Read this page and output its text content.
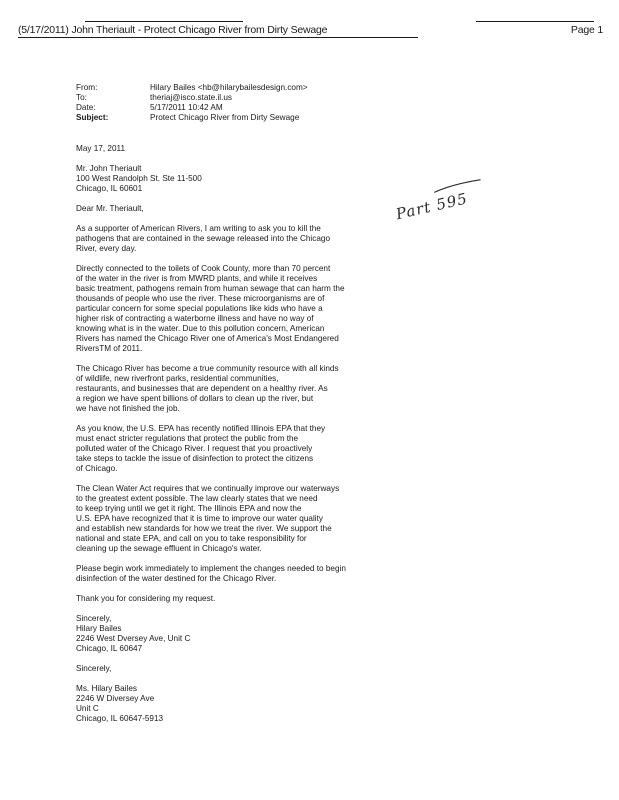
(5/17/2011) John Theriault - Protect Chicago River from Dirty Sewage	Page 1
From:	Hilary Bailes <hb@hilarybailesdesign.com>
To:	theriaj@isco.state.il.us
Date:	5/17/2011 10:42 AM
Subject:	Protect Chicago River from Dirty Sewage
Part 595
May 17, 2011
Mr. John Theriault
100 West Randolph St. Ste 11-500
Chicago, IL 60601
Dear Mr. Theriault,
As a supporter of American Rivers, I am writing to ask you to kill the
pathogens that are contained in the sewage released into the Chicago
River, every day.
Directly connected to the toilets of Cook County, more than 70 percent
of the water in the river is from MWRD plants, and while it receives
basic treatment, pathogens remain from human sewage that can harm the
thousands of people who use the river. These microorganisms are of
particular concern for some special populations like kids who have a
higher risk of contracting a waterborne illness and have no way of
knowing what is in the water. Due to this pollution concern, American
Rivers has named the Chicago River one of America's Most Endangered
RiversTM of 2011.
The Chicago River has become a true community resource with all kinds
of wildlife, new riverfront parks, residential communities,
restaurants, and businesses that are dependent on a healthy river. As
a region we have spent billions of dollars to clean up the river, but
we have not finished the job.
As you know, the U.S. EPA has recently notified Illinois EPA that they
must enact stricter regulations that protect the public from the
polluted water of the Chicago River. I request that you proactively
take steps to tackle the issue of disinfection to protect the citizens
of Chicago.
The Clean Water Act requires that we continually improve our waterways
to the greatest extent possible. The law clearly states that we need
to keep trying until we get it right. The Illinois EPA and now the
U.S. EPA have recognized that it is time to improve our water quality
and establish new standards for how we treat the river. We support the
national and state EPA, and call on you to take responsibility for
cleaning up the sewage effluent in Chicago's water.
Please begin work immediately to implement the changes needed to begin
disinfection of the water destined for the Chicago River.
Thank you for considering my request.
Sincerely,
Hilary Bailes
2246 West Dversey Ave, Unit C
Chicago, IL 60647
Sincerely,
Ms. Hilary Bailes
2246 W Diversey Ave
Unit C
Chicago, IL 60647-5913
